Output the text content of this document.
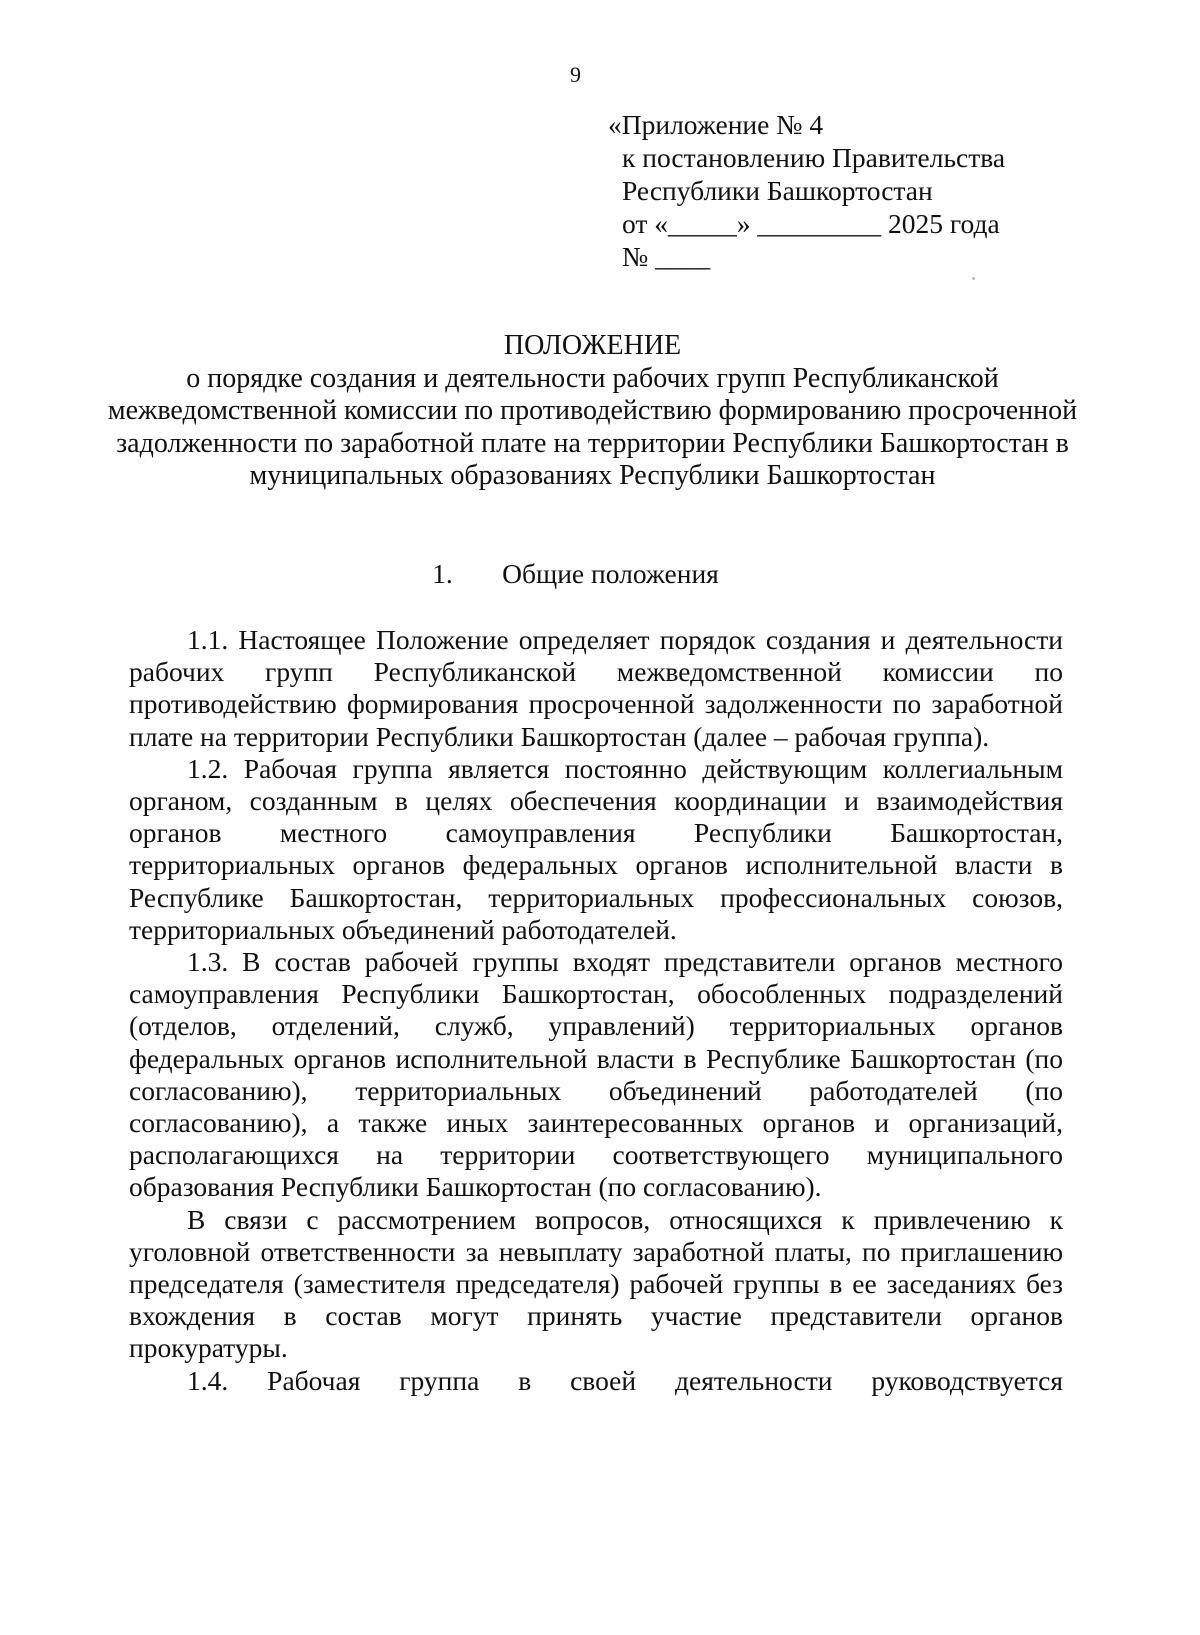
9
«Приложение № 4
к постановлению Правительства
Республики Башкортостан
от «_____» _________ 2025 года
№ ____
ПОЛОЖЕНИЕ
о порядке создания и деятельности рабочих групп Республиканской межведомственной комиссии по противодействию формированию просроченной задолженности по заработной плате на территории Республики Башкортостан в муниципальных образованиях Республики Башкортостан
1. Общие положения

1.1. Настоящее Положение определяет порядок создания и деятельности рабочих групп Республиканской межведомственной комиссии по противодействию формирования просроченной задолженности по заработной плате на территории Республики Башкортостан (далее – рабочая группа).

1.2. Рабочая группа является постоянно действующим коллегиальным органом, созданным в целях обеспечения координации и взаимодействия органов местного самоуправления Республики Башкортостан, территориальных органов федеральных органов исполнительной власти в Республике Башкортостан, территориальных профессиональных союзов, территориальных объединений работодателей.

1.3. В состав рабочей группы входят представители органов местного самоуправления Республики Башкортостан, обособленных подразделений (отделов, отделений, служб, управлений) территориальных органов федеральных органов исполнительной власти в Республике Башкортостан (по согласованию), территориальных объединений работодателей (по согласованию), а также иных заинтересованных органов и организаций, располагающихся на территории соответствующего муниципального образования Республики Башкортостан (по согласованию).

В связи с рассмотрением вопросов, относящихся к привлечению к уголовной ответственности за невыплату заработной платы, по приглашению председателя (заместителя председателя) рабочей группы в ее заседаниях без вхождения в состав могут принять участие представители органов прокуратуры.

1.4. Рабочая группа в своей деятельности руководствуется
